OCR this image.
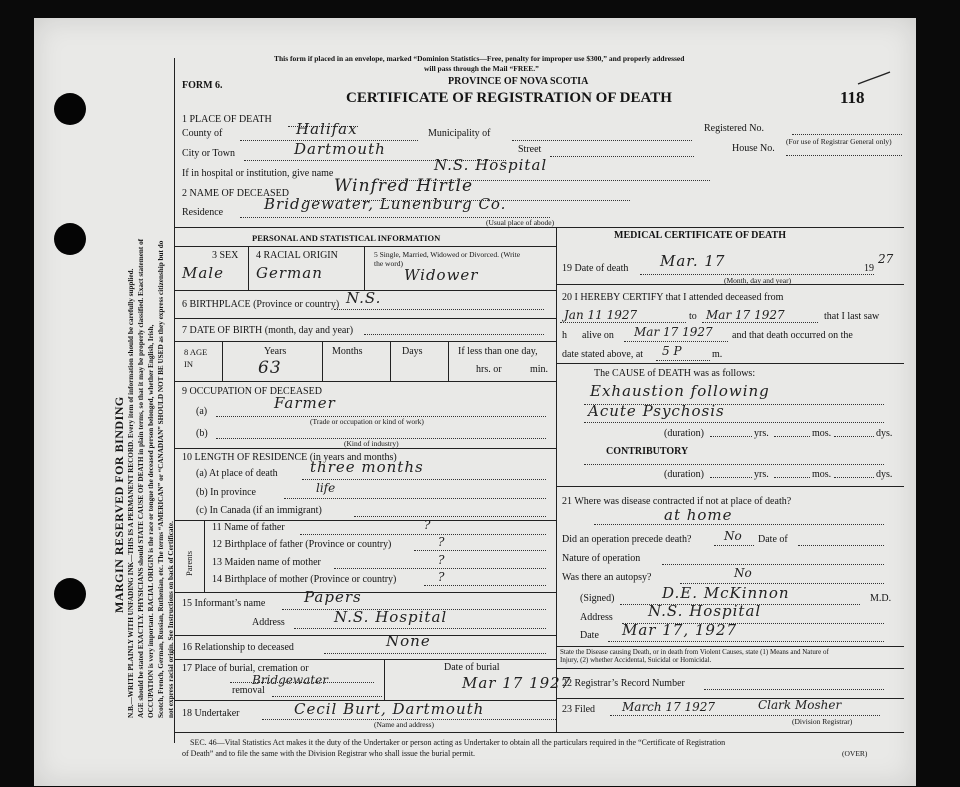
MARGIN RESERVED FOR BINDING N.B.—WRITE PLAINLY WITH UNFADING INK—THIS IS A PERMANENT RECORD. Every item of information should be carefully supplied. AGE should be stated EXACTLY. PHYSICIANS should STATE CAUSE OF DEATH in plain terms, so that it may be properly classified. Exact statement of OCCUPATION is very important. RACIAL ORIGIN is the race or tongue the deceased person belonged, whether English, Irish, Scotch, French, German, Russian, Ruthenian, etc. The terms “AMERICAN” or “CANADIAN” SHOULD NOT BE USED as they express citizenship but do not express racial origin. See Instructions on back of Certificate.
This form if placed in an envelope, marked “Dominion Statistics—Free, penalty for improper use $300,” and properly addressed
will pass through the Mail “FREE.”
FORM 6.	PROVINCE OF NOVA SCOTIA
CERTIFICATE OF REGISTRATION OF DEATH	118
(For use of Registrar General only)
1 PLACE OF DEATH
County of	Halifax	Municipality of	Registered No.
City or Town	Dartmouth	Street	House No.
If in hospital or institution, give name	N.S. Hospital
2 NAME OF DECEASED	Winfred Hirtle
Residence	Bridgewater, Lunenburg Co.
(Usual place of abode)
PERSONAL AND STATISTICAL INFORMATION	MEDICAL CERTIFICATE OF DEATH
3 SEX
Male
4 RACIAL ORIGIN
German
5 Single, Married, Widowed or Divorced. (Write the word)
Widower
6 BIRTHPLACE (Province or country) N.S.
7 DATE OF BIRTH (month, day and year)
8 AGE IN
Years
63
Months	Days	If less than one day,
hrs. or	min.
9 OCCUPATION OF DECEASED
(a)	Farmer
(Trade or occupation or kind of work)
(b)
(Kind of industry)
10 LENGTH OF RESIDENCE (in years and months)
(a) At place of death three months
(b) In province	life
(c) In Canada (if an immigrant)
Parents
11 Name of father	?
12 Birthplace of father (Province or country)	?
13 Maiden name of mother	?
14 Birthplace of mother (Province or country)	?
15 Informant’s name	Papers
Address	N.S. Hospital
16 Relationship to deceased	None
17 Place of burial, cremation or
Bridgewater
removal
Date of burial
Mar 17 1927
18 Undertaker	Cecil Burt, Dartmouth
(Name and address)
19 Date of death Mar. 17	19
27
(Month, day and year)
20 I HEREBY CERTIFY that I attended deceased from
Jan 11 1927	to Mar 17 1927	that I last saw
h alive on Mar 17 1927 and that death occurred on the
date stated above, at 5 P	m.
The CAUSE of DEATH was as follows:
Exhaustion following
Acute Psychosis
(duration)	yrs.	mos.	dys.
CONTRIBUTORY
(duration)	yrs.	mos.	dys.
21 Where was disease contracted if not at place of death?
at home
Did an operation precede death?	No Date of
Nature of operation
Was there an autopsy?	No
(Signed)	D.E. McKinnon	M.D.
Address N.S. Hospital
Date Mar 17, 1927
State the Disease causing Death, or in death from Violent Causes, state (1) Means and Nature of
Injury, (2) whether Accidental, Suicidal or Homicidal.
22 Registrar’s Record Number
23 Filed March 17 1927	Clark Mosher
(Division Registrar)
SEC. 46—Vital Statistics Act makes it the duty of the Undertaker or person acting as Undertaker to obtain all the particulars required in the “Certificate of Registration
of Death” and to file the same with the Division Registrar who shall issue the burial permit.	(OVER)
